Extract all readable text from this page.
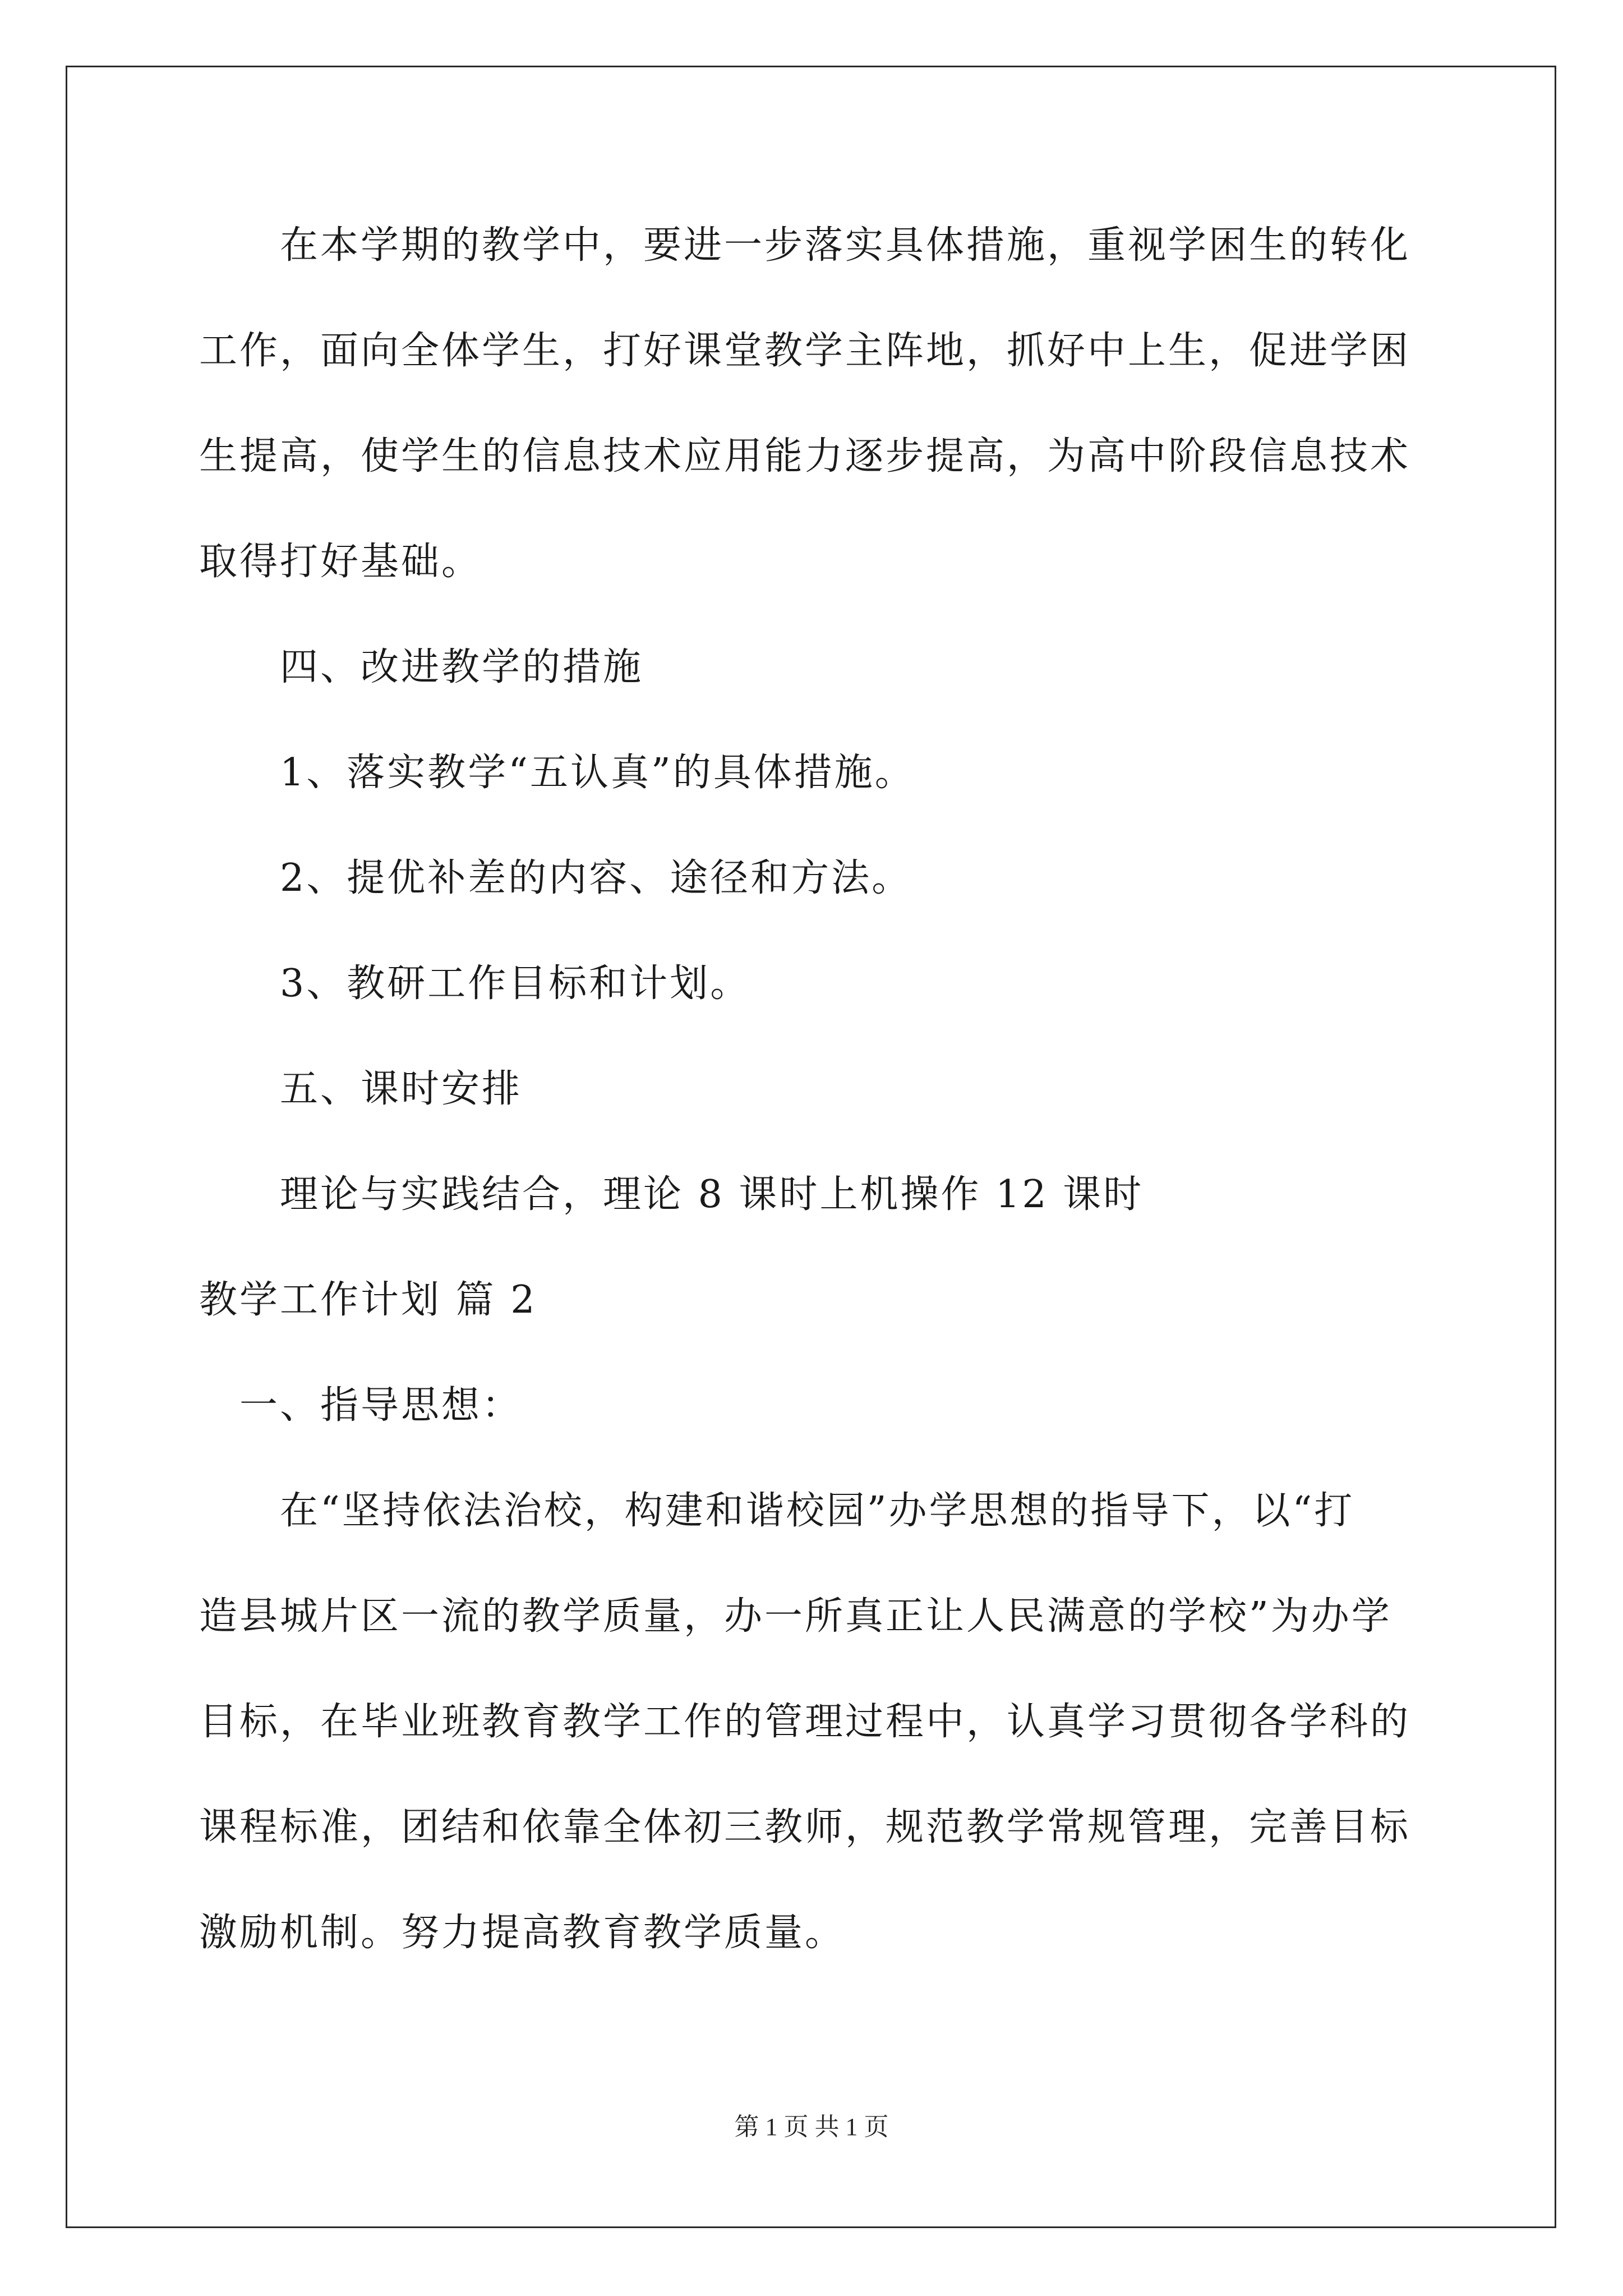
在本学期的教学中，要进一步落实具体措施，重视学困生的转化
工作，面向全体学生，打好课堂教学主阵地，抓好中上生，促进学困
生提高，使学生的信息技术应用能力逐步提高，为高中阶段信息技术
取得打好基础。
四、改进教学的措施
1、落实教学“五认真”的具体措施。
2、提优补差的内容、途径和方法。
3、教研工作目标和计划。
五、课时安排
理论与实践结合，理论 8 课时上机操作 12 课时
教学工作计划 篇 2
一、指导思想：
在“坚持依法治校，构建和谐校园”办学思想的指导下，以“打
造县城片区一流的教学质量，办一所真正让人民满意的学校”为办学
目标，在毕业班教育教学工作的管理过程中，认真学习贯彻各学科的
课程标准，团结和依靠全体初三教师，规范教学常规管理，完善目标
激励机制。努力提高教育教学质量。
第 1 页 共 1 页
